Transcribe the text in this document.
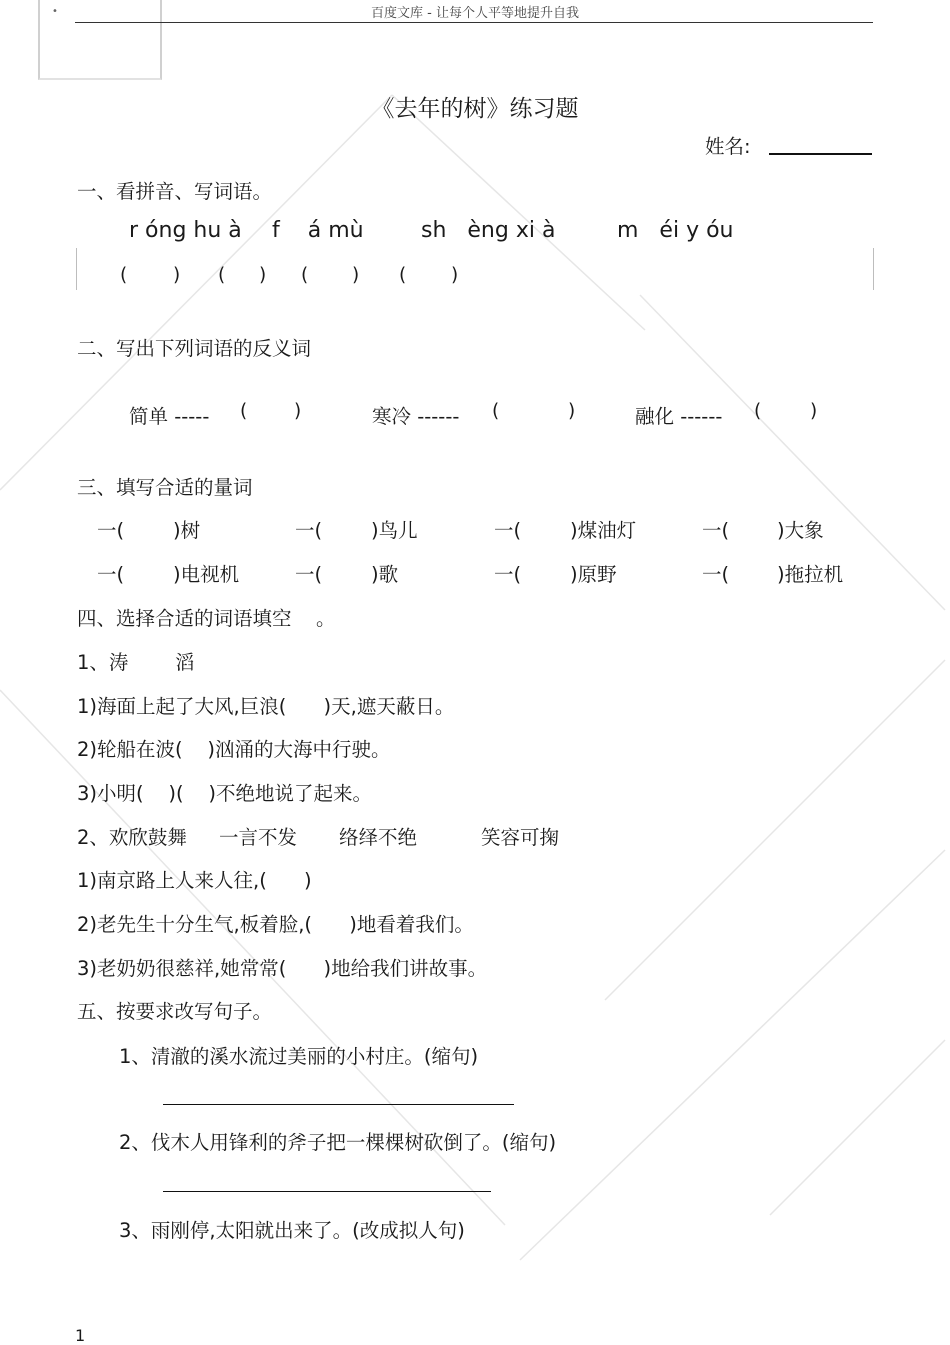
•	百度文库 - 让每个人平等地提升自我
《去年的树》练习题
姓名:
一、看拼音、写词语。
r óng hu à f á mù	sh èng xi à	m éi y óu
( ) ( ) ( ) ( )
二、写出下列词语的反义词
简单 ----- (	)	寒冷 ------ (	)	融化 ------ (	)
三、填写合适的量词
一(	)树	一(	)鸟儿	一(	)煤油灯	一( )大象
一(	)电视机	一(	)歌	一(	)原野	一( )拖拉机
四、选择合适的词语填空 。
1、涛 滔
1)海面上起了大风,巨浪(      )天,遮天蔽日。
2)轮船在波(    )汹涌的大海中行驶。
3)小明(    )(    )不绝地说了起来。
2、欢欣鼓舞 一言不发 络绎不绝	笑容可掬
1)南京路上人来人往,(      )
2)老先生十分生气,板着脸,(      )地看着我们。
3)老奶奶很慈祥,她常常(      )地给我们讲故事。
五、按要求改写句子。
1、清澈的溪水流过美丽的小村庄。(缩句)
2、伐木人用锋利的斧子把一棵棵树砍倒了。(缩句)
3、雨刚停,太阳就出来了。(改成拟人句)
1
